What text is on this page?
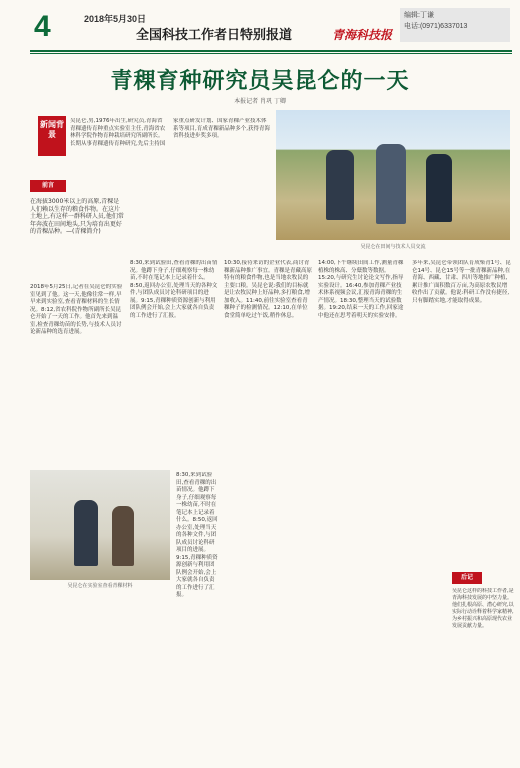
4	2018年5月30日
全国科技工作者日特别报道	青海科技报
编辑:丁谦
电话:(0971)6337013
青稞育种研究员吴昆仑的一天
本报记者 肖巩 丁卿
新闻背景
吴昆仑,男,1976年出生,研究员,青海省青稞遗传育种重点实验室主任,青海省农林科学院作物育种栽培研究所副所长。长期从事青稞遗传育种研究,先后主持国家重点研发计划、国家青稞产业技术体系等项目,育成青稞新品种多个,获得青海省科技进步奖多项。
吴昆仑在田间与技术人员交流
前言
在海拔3000米以上的高原,青稞是人们赖以生存的粮食作物。在这片土地上,有这样一群科研人员,他们常年奔波在田间地头,只为培育出更好的青稞品种。—(青稞简介)
2018年5月25日,记者在吴昆仑的实验室见到了他。这一天,他像往常一样,早早来到实验室,查看青稞材料的生长情况。8:12,省农科院作物所副所长吴昆仑开始了一天的工作。他首先来到温室,检查青稞幼苗的长势,与技术人员讨论新品种的选育进展。
8:30,来到试验田,查看青稞的出苗情况。他蹲下身子,仔细观察每一株幼苗,不时在笔记本上记录着什么。8:50,返回办公室,处理当天的各种文件,与团队成员讨论科研项目的进展。9:15,青稞种质资源创新与利用团队例会开始,会上大家就各自负责的工作进行了汇报。
10:30,接待来访的企业代表,商讨青稞新品种推广事宜。青稞是青藏高原特有的粮食作物,也是当地农牧民的主要口粮。吴昆仑说:我们的目标就是让农牧民种上好品种,多打粮食,增加收入。11:40,前往实验室查看青稞种子的检测情况。12:10,在单位食堂简单吃过午饭,稍作休息。
14:00,下午继续田间工作,测量青稞植株的株高、分蘖数等数据。15:20,与研究生讨论论文写作,指导实验设计。16:40,参加青稞产业技术体系视频会议,汇报青海青稞的生产情况。18:30,整理当天的试验数据。19:20,结束一天的工作,回家途中他还在思考着明天的实验安排。
多年来,吴昆仑带领团队育成柴青1号、昆仑14号、昆仑15号等一批青稞新品种,在青海、西藏、甘肃、四川等地推广种植,累计推广面积数百万亩,为高原农牧民增收作出了贡献。他说:科研工作没有捷径,只有脚踏实地,才能取得成果。
8:30,来到试验田,查看青稞的出苗情况。他蹲下身子,仔细观察每一株幼苗,不时在笔记本上记录着什么。8:50,返回办公室,处理当天的各种文件,与团队成员讨论科研项目的进展。9:15,青稞种质资源创新与利用团队例会开始,会上大家就各自负责的工作进行了汇报。
吴昆仑在实验室查看青稞材料
后记
吴昆仑这样的科技工作者,是青海科技发展的中坚力量。他们扎根高原、潜心研究,以实际行动诠释着科学家精神,为乡村振兴和高原现代农业发展贡献力量。
